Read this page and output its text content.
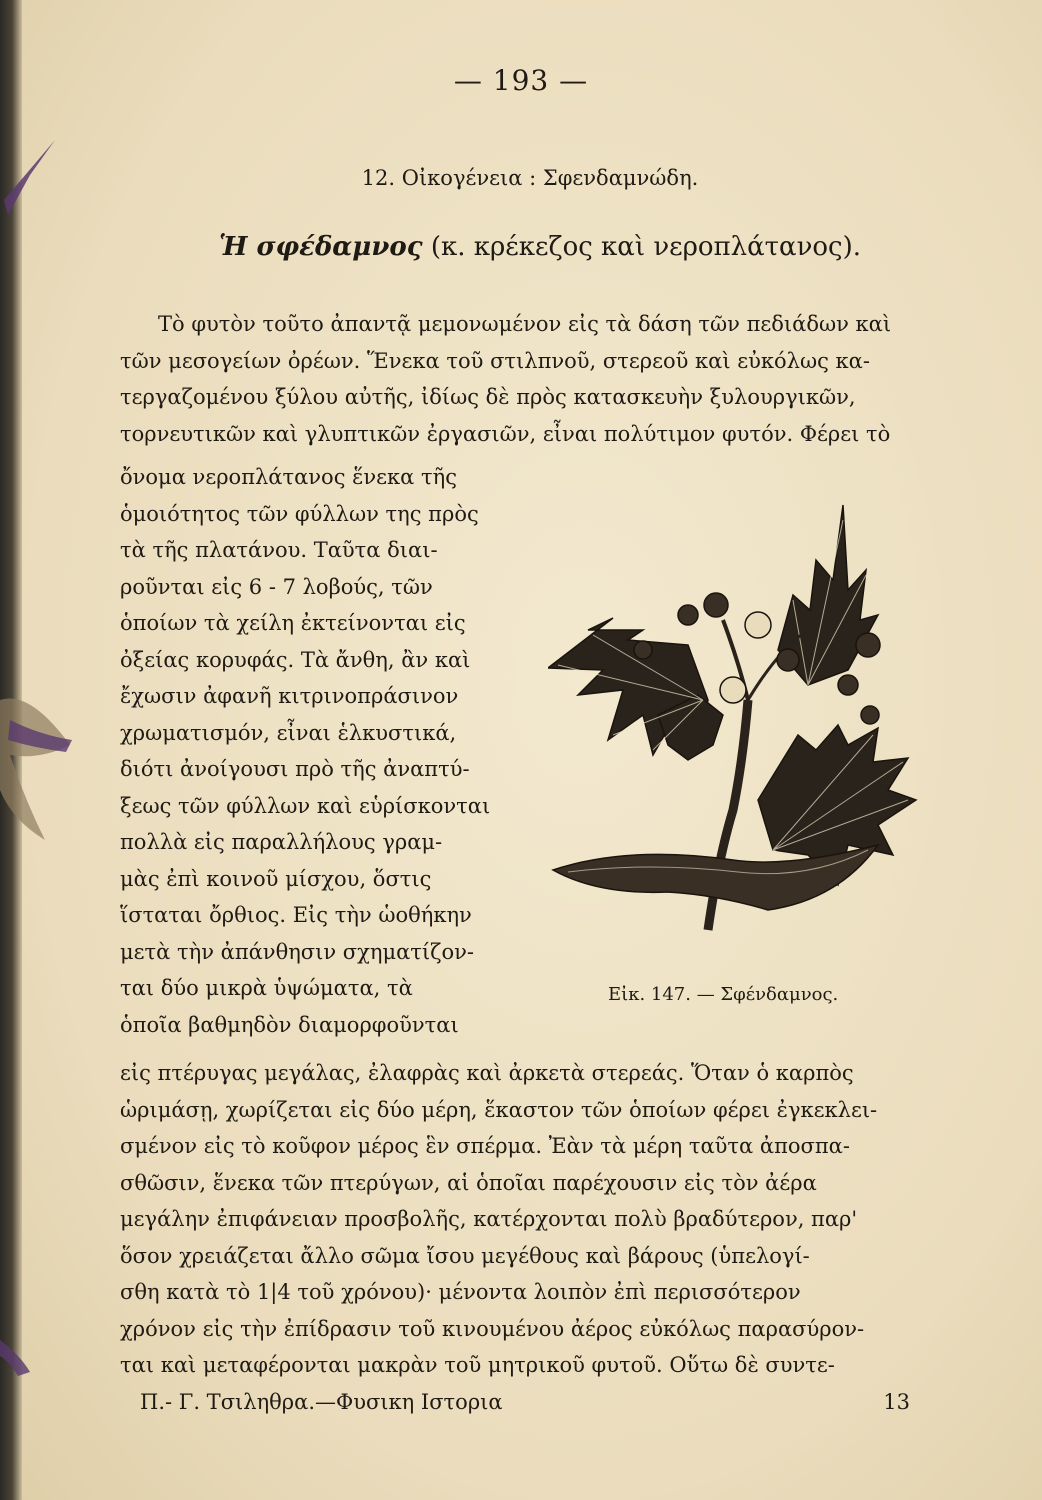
— 193 —
12. Οἰκογένεια : Σφενδαμνώδη.
Ἡ σφέδαμνος (κ. κρέκεζος καὶ νεροπλάτανος).
Τὸ φυτὸν τοῦτο ἀπαντᾷ μεμονωμένον εἰς τὰ δάση τῶν πεδιάδων καὶ
τῶν μεσογείων ὀρέων. Ἕνεκα τοῦ στιλπνοῦ, στερεοῦ καὶ εὐκόλως κα-
τεργαζομένου ξύλου αὐτῆς, ἰδίως δὲ πρὸς κατασκευὴν ξυλουργικῶν,
τορνευτικῶν καὶ γλυπτικῶν ἐργασιῶν, εἶναι πολύτιμον φυτόν. Φέρει τὸ
ὄνομα νεροπλάτανος ἕνεκα τῆς
ὁμοιότητος τῶν φύλλων της πρὸς
τὰ τῆς πλατάνου. Ταῦτα διαι-
ροῦνται εἰς 6 - 7 λοβούς, τῶν
ὁποίων τὰ χείλη ἐκτείνονται εἰς
ὀξείας κορυφάς. Τὰ ἄνθη, ἂν καὶ
ἔχωσιν ἀφανῆ κιτρινοπράσινον
χρωματισμόν, εἶναι ἑλκυστικά,
διότι ἀνοίγουσι πρὸ τῆς ἀναπτύ-
ξεως τῶν φύλλων καὶ εὑρίσκονται
πολλὰ εἰς παραλλήλους γραμ-
μὰς ἐπὶ κοινοῦ μίσχου, ὅστις
ἵσταται ὄρθιος. Εἰς τὴν ὡοθήκην
μετὰ τὴν ἀπάνθησιν σχηματίζον-
ται δύο μικρὰ ὑψώματα, τὰ
ὁποῖα βαθμηδὸν διαμορφοῦνται
Εἰκ. 147. — Σφένδαμνος.
εἰς πτέρυγας μεγάλας, ἐλαφρὰς καὶ ἀρκετὰ στερεάς. Ὅταν ὁ καρπὸς
ὡριμάσῃ, χωρίζεται εἰς δύο μέρη, ἕκαστον τῶν ὁποίων φέρει ἐγκεκλει-
σμένον εἰς τὸ κοῦφον μέρος ἓν σπέρμα. Ἐὰν τὰ μέρη ταῦτα ἀποσπα-
σθῶσιν, ἕνεκα τῶν πτερύγων, αἱ ὁποῖαι παρέχουσιν εἰς τὸν ἀέρα
μεγάλην ἐπιφάνειαν προσβολῆς, κατέρχονται πολὺ βραδύτερον, παρ'
ὅσον χρειάζεται ἄλλο σῶμα ἴσου μεγέθους καὶ βάρους (ὑπελογί-
σθη κατὰ τὸ 1|4 τοῦ χρόνου)· μένοντα λοιπὸν ἐπὶ περισσότερον
χρόνον εἰς τὴν ἐπίδρασιν τοῦ κινουμένου ἀέρος εὐκόλως παρασύρον-
ται καὶ μεταφέρονται μακρὰν τοῦ μητρικοῦ φυτοῦ. Οὕτω δὲ συντε-
Π.- Γ. Τσιληθρα.—Φυσικη Ιστορια	13
